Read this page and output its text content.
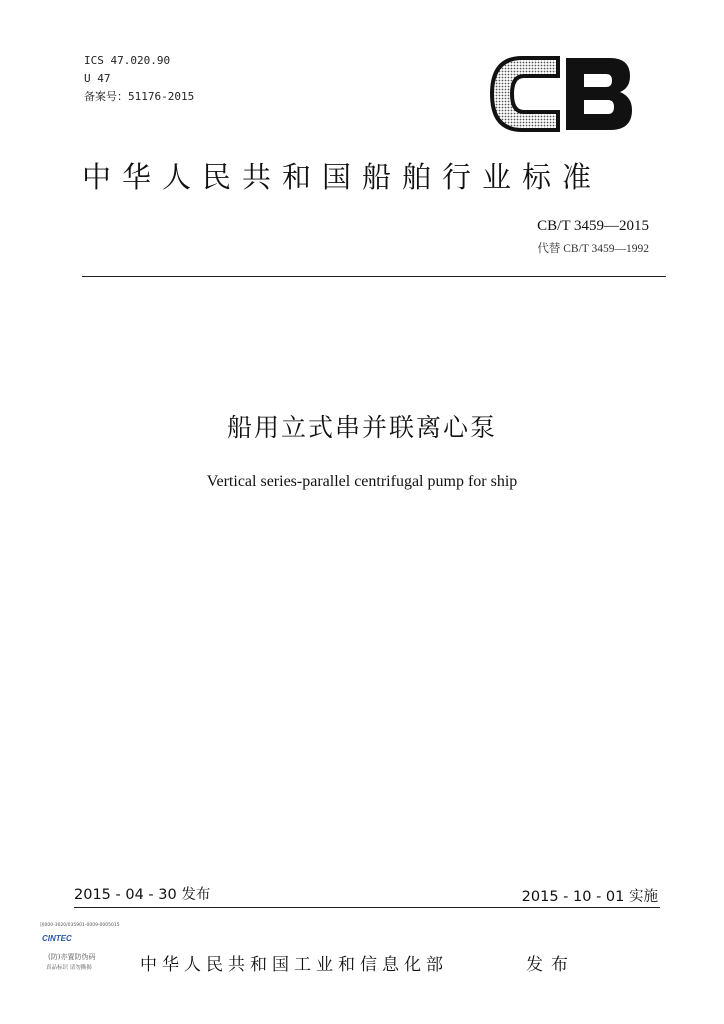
ICS 47.020.90
U 47
备案号：51176-2015
中华人民共和国船舶行业标准
CB/T 3459—2015
代替 CB/T 3459—1992
船用立式串并联离心泵
Vertical series-parallel centrifugal pump for ship
2015 - 04 - 30 发布	2015 - 10 - 01 实施
国000-3020/035901-0009-0005015
CINTEC
(防)亦置防伪码
真品标识 请勿撕揭	中华人民共和国工业和信息化部	发布
